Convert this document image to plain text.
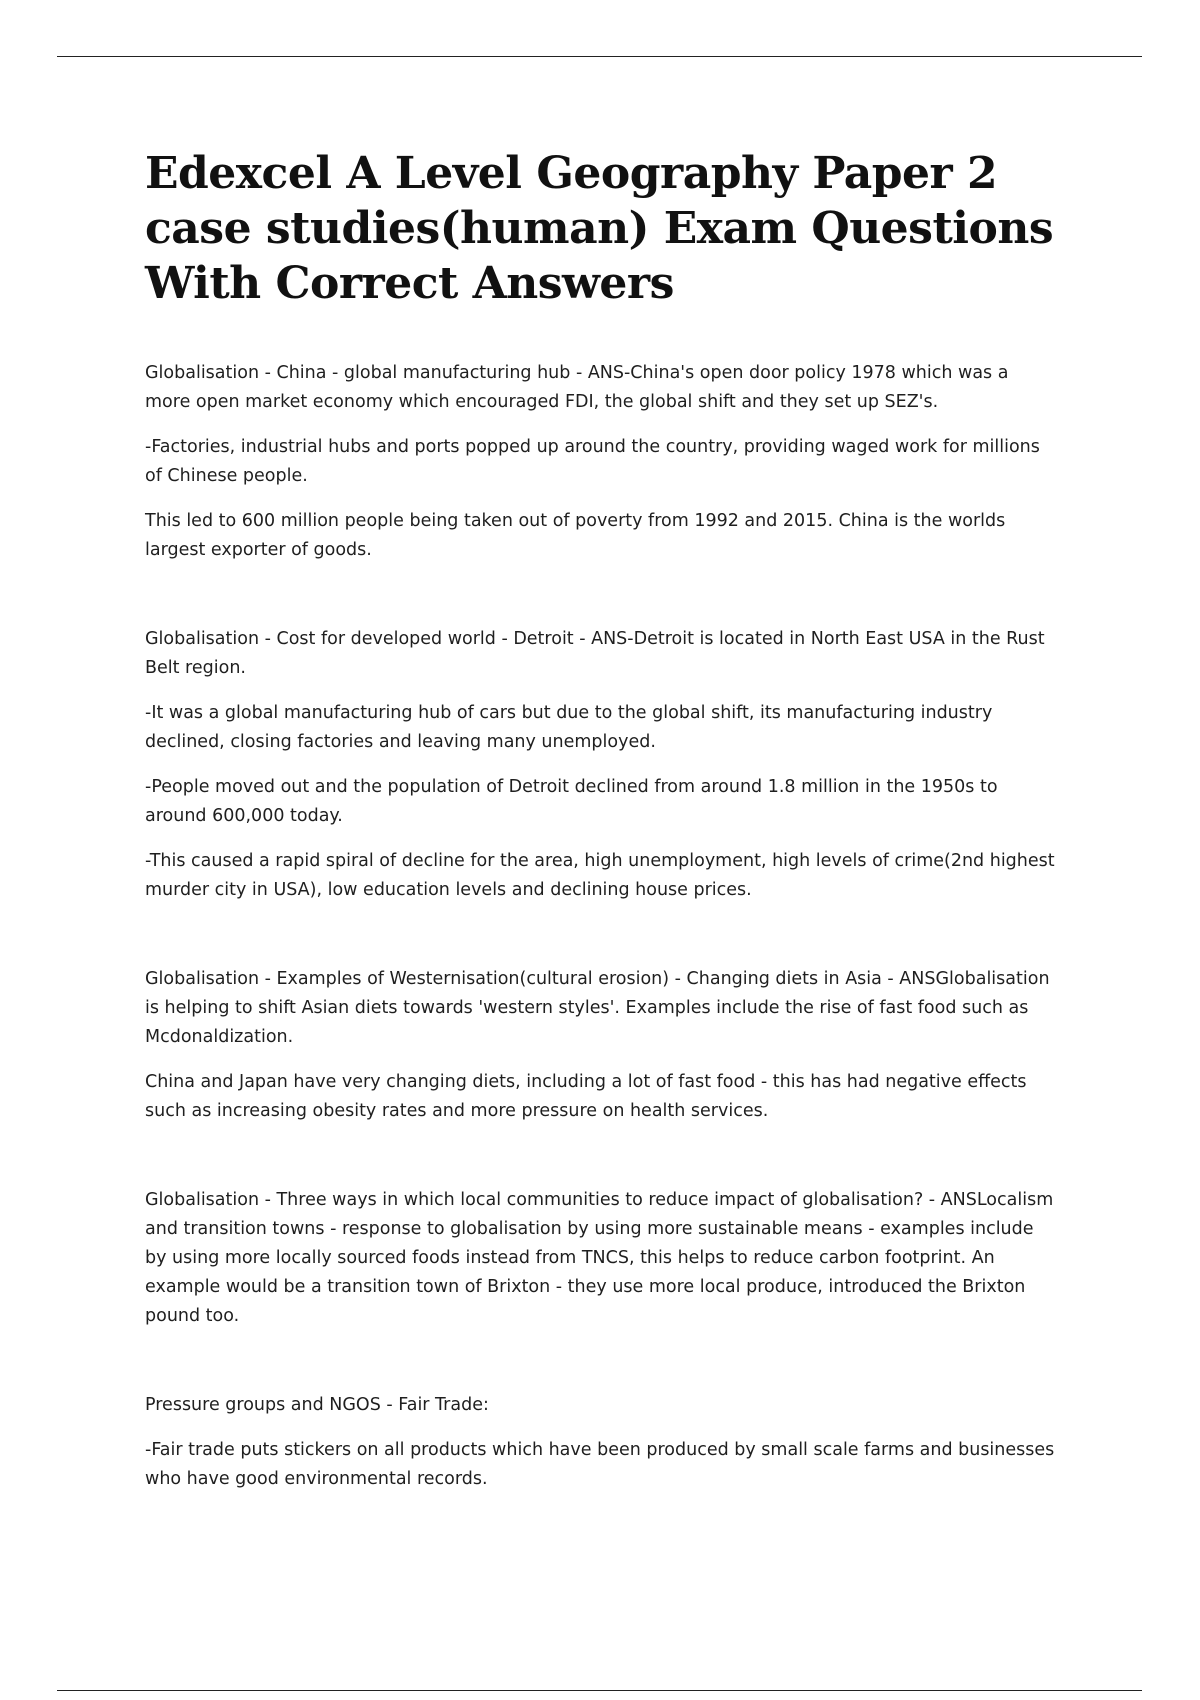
Edexcel A Level Geography Paper 2 case studies(human) Exam Questions With Correct Answers

Globalisation - China - global manufacturing hub - ANS-China's open door policy 1978 which was a more open market economy which encouraged FDI, the global shift and they set up SEZ's.

-Factories, industrial hubs and ports popped up around the country, providing waged work for millions of Chinese people.

This led to 600 million people being taken out of poverty from 1992 and 2015. China is the worlds largest exporter of goods.

Globalisation - Cost for developed world - Detroit - ANS-Detroit is located in North East USA in the Rust Belt region.

-It was a global manufacturing hub of cars but due to the global shift, its manufacturing industry declined, closing factories and leaving many unemployed.

-People moved out and the population of Detroit declined from around 1.8 million in the 1950s to around 600,000 today.

-This caused a rapid spiral of decline for the area, high unemployment, high levels of crime(2nd highest murder city in USA), low education levels and declining house prices.

Globalisation - Examples of Westernisation(cultural erosion) - Changing diets in Asia - ANSGlobalisation is helping to shift Asian diets towards 'western styles'. Examples include the rise of fast food such as Mcdonaldization.

China and Japan have very changing diets, including a lot of fast food - this has had negative effects such as increasing obesity rates and more pressure on health services.

Globalisation - Three ways in which local communities to reduce impact of globalisation? - ANSLocalism and transition towns - response to globalisation by using more sustainable means - examples include by using more locally sourced foods instead from TNCS, this helps to reduce carbon footprint. An example would be a transition town of Brixton - they use more local produce, introduced the Brixton pound too.

Pressure groups and NGOS - Fair Trade:

-Fair trade puts stickers on all products which have been produced by small scale farms and businesses who have good environmental records.
